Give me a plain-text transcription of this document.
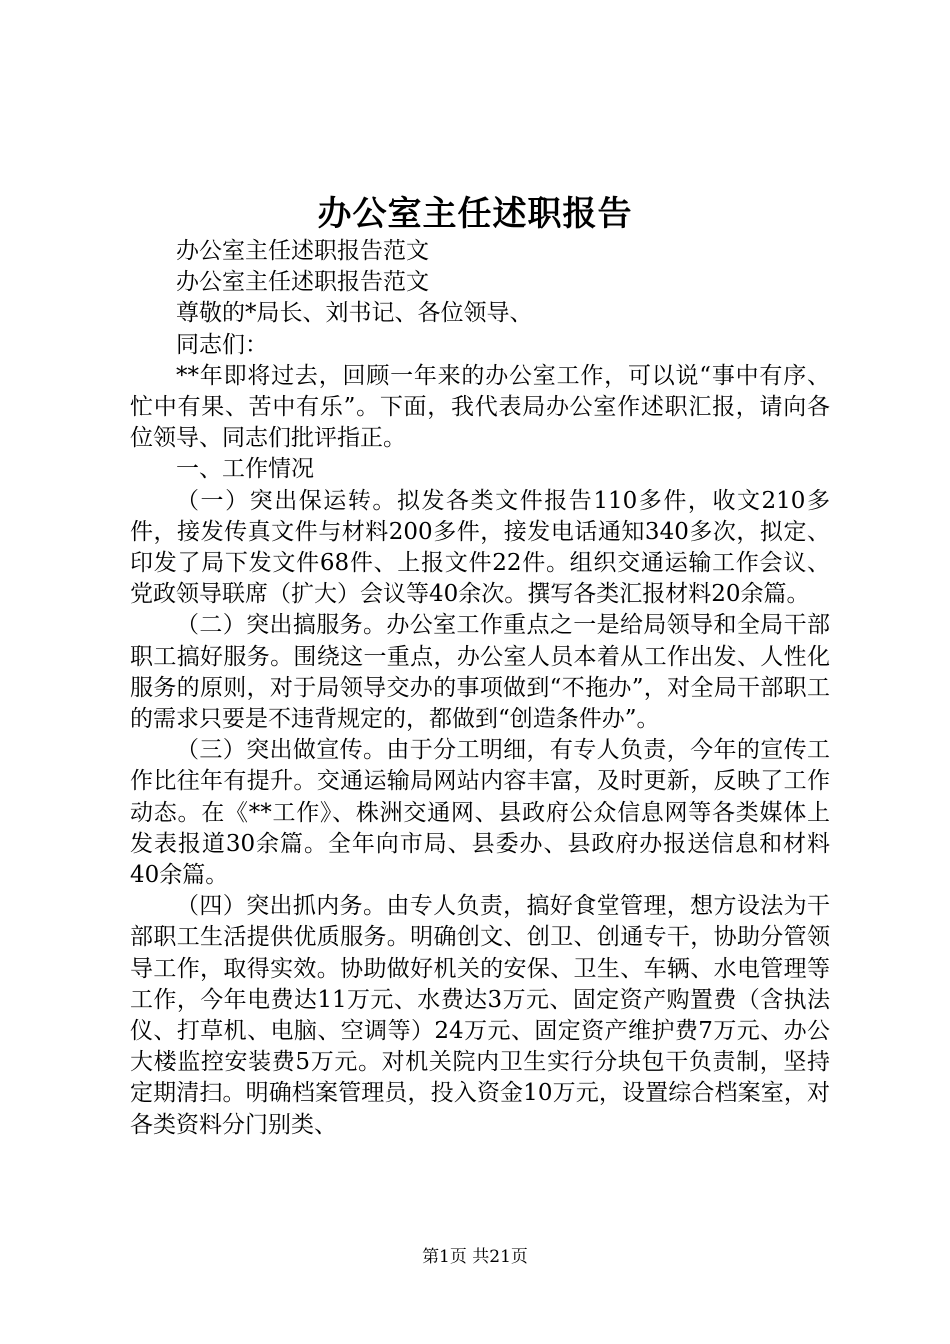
办公室主任述职报告

办公室主任述职报告范文

办公室主任述职报告范文

尊敬的*局长、刘书记、各位领导、

同志们：

**年即将过去，回顾一年来的办公室工作，可以说“事中有序、忙中有果、苦中有乐”。下面，我代表局办公室作述职汇报，请向各位领导、同志们批评指正。

一、工作情况

（一）突出保运转。拟发各类文件报告110多件，收文210多件，接发传真文件与材料200多件，接发电话通知340多次，拟定、印发了局下发文件68件、上报文件22件。组织交通运输工作会议、党政领导联席（扩大）会议等40余次。撰写各类汇报材料20余篇。

（二）突出搞服务。办公室工作重点之一是给局领导和全局干部职工搞好服务。围绕这一重点，办公室人员本着从工作出发、人性化服务的原则，对于局领导交办的事项做到“不拖办”，对全局干部职工的需求只要是不违背规定的，都做到“创造条件办”。

（三）突出做宣传。由于分工明细，有专人负责，今年的宣传工作比往年有提升。交通运输局网站内容丰富，及时更新，反映了工作动态。在《**工作》、株洲交通网、县政府公众信息网等各类媒体上发表报道30余篇。全年向市局、县委办、县政府办报送信息和材料40余篇。

（四）突出抓内务。由专人负责，搞好食堂管理，想方设法为干部职工生活提供优质服务。明确创文、创卫、创通专干，协助分管领导工作，取得实效。协助做好机关的安保、卫生、车辆、水电管理等工作，今年电费达11万元、水费达3万元、固定资产购置费（含执法仪、打草机、电脑、空调等）24万元、固定资产维护费7万元、办公大楼监控安装费5万元。对机关院内卫生实行分块包干负责制，坚持定期清扫。明确档案管理员，投入资金10万元，设置综合档案室，对各类资料分门别类、

第1页 共21页
